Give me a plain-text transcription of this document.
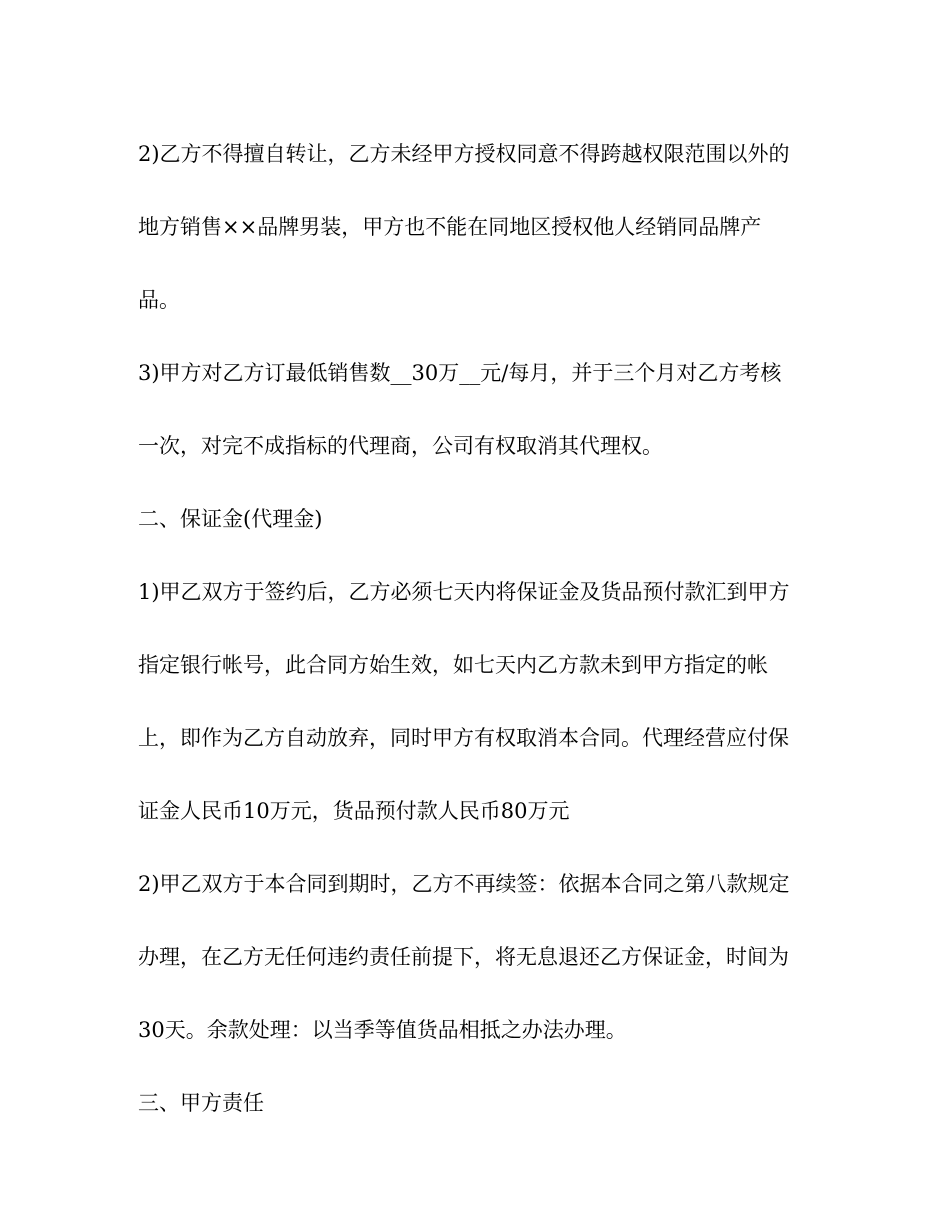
2)乙方不得擅自转让，乙方未经甲方授权同意不得跨越权限范围以外的

地方销售××品牌男装，甲方也不能在同地区授权他人经销同品牌产

品。

3)甲方对乙方订最低销售数__30万__元/每月，并于三个月对乙方考核

一次，对完不成指标的代理商，公司有权取消其代理权。

二、保证金(代理金)

1)甲乙双方于签约后，乙方必须七天内将保证金及货品预付款汇到甲方

指定银行帐号，此合同方始生效，如七天内乙方款未到甲方指定的帐

上，即作为乙方自动放弃，同时甲方有权取消本合同。代理经营应付保

证金人民币10万元，货品预付款人民币80万元

2)甲乙双方于本合同到期时，乙方不再续签：依据本合同之第八款规定

办理，在乙方无任何违约责任前提下，将无息退还乙方保证金，时间为

30天。余款处理：以当季等值货品相抵之办法办理。

三、甲方责任
